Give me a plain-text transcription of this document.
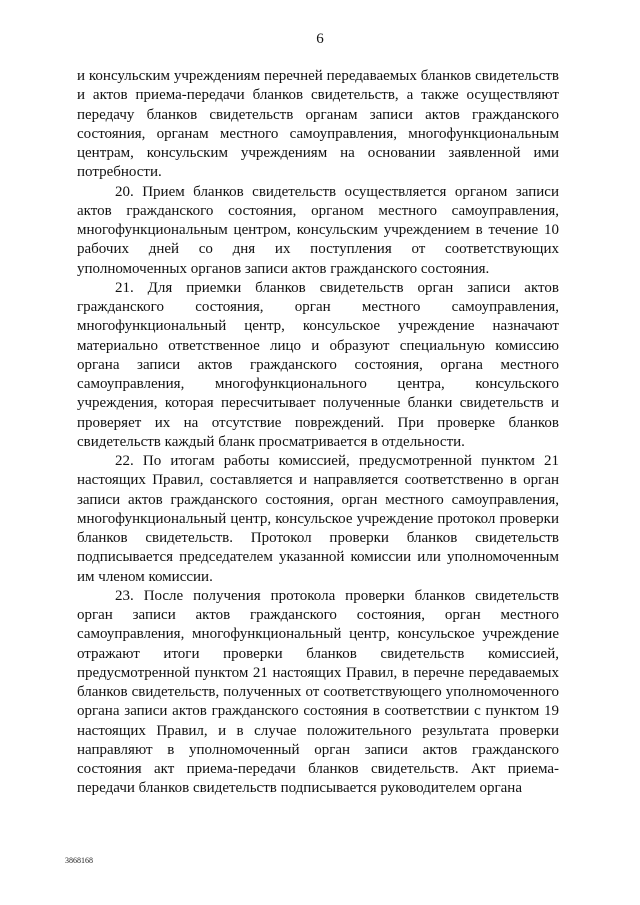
6

и консульским учреждениям перечней передаваемых бланков свидетельств и актов приема-передачи бланков свидетельств, а также осуществляют передачу бланков свидетельств органам записи актов гражданского состояния, органам местного самоуправления, многофункциональным центрам, консульским учреждениям на основании заявленной ими потребности.

20. Прием бланков свидетельств осуществляется органом записи актов гражданского состояния, органом местного самоуправления, многофункциональным центром, консульским учреждением в течение 10 рабочих дней со дня их поступления от соответствующих уполномоченных органов записи актов гражданского состояния.

21. Для приемки бланков свидетельств орган записи актов гражданского состояния, орган местного самоуправления, многофункциональный центр, консульское учреждение назначают материально ответственное лицо и образуют специальную комиссию органа записи актов гражданского состояния, органа местного самоуправления, многофункционального центра, консульского учреждения, которая пересчитывает полученные бланки свидетельств и проверяет их на отсутствие повреждений. При проверке бланков свидетельств каждый бланк просматривается в отдельности.

22. По итогам работы комиссией, предусмотренной пунктом 21 настоящих Правил, составляется и направляется соответственно в орган записи актов гражданского состояния, орган местного самоуправления, многофункциональный центр, консульское учреждение протокол проверки бланков свидетельств. Протокол проверки бланков свидетельств подписывается председателем указанной комиссии или уполномоченным им членом комиссии.

23. После получения протокола проверки бланков свидетельств орган записи актов гражданского состояния, орган местного самоуправления, многофункциональный центр, консульское учреждение отражают итоги проверки бланков свидетельств комиссией, предусмотренной пунктом 21 настоящих Правил, в перечне передаваемых бланков свидетельств, полученных от соответствующего уполномоченного органа записи актов гражданского состояния в соответствии с пунктом 19 настоящих Правил, и в случае положительного результата проверки направляют в уполномоченный орган записи актов гражданского состояния акт приема-передачи бланков свидетельств. Акт приема-передачи бланков свидетельств подписывается руководителем органа

3868168
